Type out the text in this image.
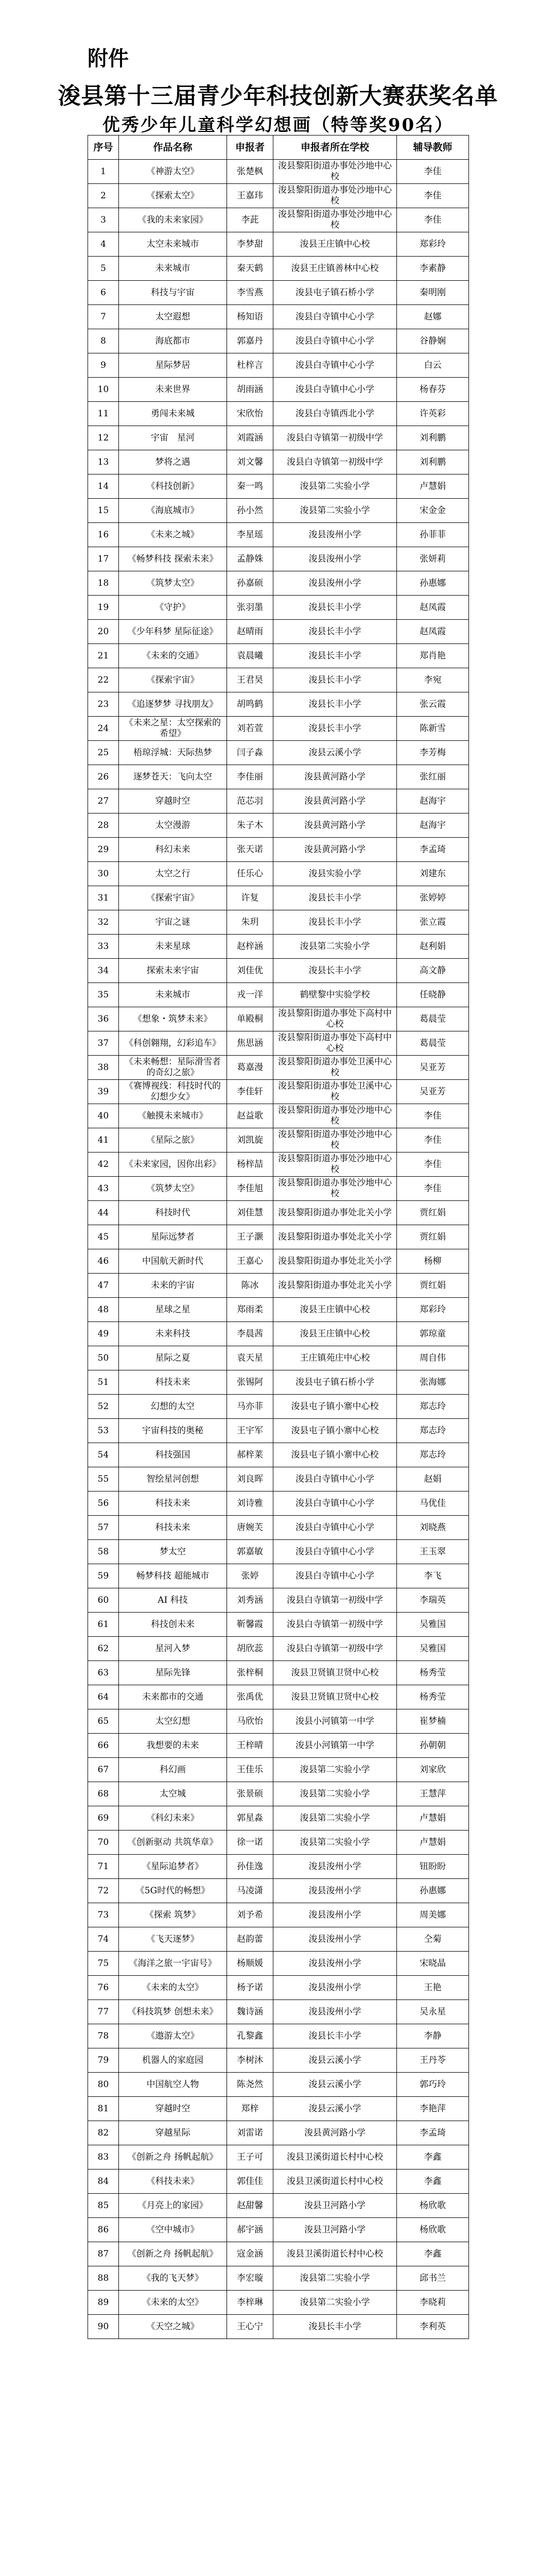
附件
浚县第十三届青少年科技创新大赛获奖名单
优秀少年儿童科学幻想画（特等奖90名）
序号	作品名称	申报者	申报者所在学校	辅导教师
1	《神游太空》	张楚枫	浚县黎阳街道办事处沙地中心校	李佳
2	《探索太空》	王嘉玮	浚县黎阳街道办事处沙地中心校	李佳
3	《我的未来家园》	李茈	浚县黎阳街道办事处沙地中心校	李佳
4	太空未来城市	李梦甜	浚县王庄镇中心校	郑彩玲
5	未来城市	秦天鹤	浚县王庄镇善林中心校	李素静
6	科技与宇宙	李雪燕	浚县屯子镇石桥小学	秦明刚
7	太空遐想	杨知语	浚县白寺镇中心小学	赵娜
8	海底都市	郭嘉丹	浚县白寺镇中心小学	谷静娴
9	星际梦居	杜梓言	浚县白寺镇中心小学	白云
10	未来世界	胡雨涵	浚县白寺镇中心小学	杨春芬
11	勇闯未来城	宋欣怡	浚县白寺镇西北小学	许英彩
12	宇宙　星河	刘霞涵	浚县白寺镇第一初级中学	刘利鹏
13	梦将之遇	刘文馨	浚县白寺镇第一初级中学	刘利鹏
14	《科技创新》	秦一鸣	浚县第二实验小学	卢慧娟
15	《海底城市》	孙小然	浚县第二实验小学	宋金金
16	《未来之城》	李星瑶	浚县浚州小学	孙菲菲
17	《畅梦科技 探索未来》	孟静姝	浚县浚州小学	张妍莉
18	《筑梦太空》	孙嘉硕	浚县浚州小学	孙惠娜
19	《守护》	张羽墨	浚县长丰小学	赵凤霞
20	《少年科梦 星际征途》	赵晴雨	浚县长丰小学	赵凤霞
21	《未来的交通》	袁晨曦	浚县长丰小学	郑肖艳
22	《探索宇宙》	王君昊	浚县长丰小学	李宛
23	《追逐梦梦 寻找朋友》	胡鸣鹤	浚县长丰小学	张云霞
24	《未来之星：太空探索的希望》	刘若萱	浚县长丰小学	陈新雪
25	梧琼浮城：天际热梦	闫子淼	浚县云溪小学	李芳梅
26	逐梦苍天：飞向太空	李佳丽	浚县黄河路小学	张红丽
27	穿越时空	范芯羽	浚县黄河路小学	赵海宇
28	太空漫游	朱子木	浚县黄河路小学	赵海宇
29	科幻未来	张天诺	浚县黄河路小学	李孟琦
30	太空之行	任乐心	浚县实验小学	刘建东
31	《探索宇宙》	许复	浚县长丰小学	张婷婷
32	宇宙之谜	朱玥	浚县长丰小学	张立霞
33	未来星球	赵梓涵	浚县第二实验小学	赵利娟
34	探索未来宇宙	刘佳优	浚县长丰小学	高文静
35	未来城市	戎一洋	鹤壁黎中实验学校	任晓静
36	《想象・筑梦未来》	单殿桐	浚县黎阳街道办事处下高村中心校	葛晨莹
37	《科创翱翔，幻彩追车》	焦思涵	浚县黎阳街道办事处下高村中心校	葛晨莹
38	《未来畅想：星际滑雪者的奇幻之旅》	葛嘉漫	浚县黎阳街道办事处卫溪中心校	吴亚芳
39	《赛博视线：科技时代的幻想少女》	李佳轩	浚县黎阳街道办事处卫溪中心校	吴亚芳
40	《触摸未来城市》	赵益歌	浚县黎阳街道办事处沙地中心校	李佳
41	《星际之旅》	刘凯旋	浚县黎阳街道办事处沙地中心校	李佳
42	《未来家园，因你出彩》	杨梓喆	浚县黎阳街道办事处沙地中心校	李佳
43	《筑梦太空》	李佳旭	浚县黎阳街道办事处沙地中心校	李佳
44	科技时代	刘佳慧	浚县黎阳街道办事处北关小学	贾红娟
45	星际远梦者	王子灏	浚县黎阳街道办事处北关小学	贾红娟
46	中国航天新时代	王嘉心	浚县黎阳街道办事处北关小学	杨柳
47	未来的宇宙	陈冰	浚县黎阳街道办事处北关小学	贾红娟
48	星球之星	郑雨柔	浚县王庄镇中心校	郑彩玲
49	未来科技	李晨茜	浚县王庄镇中心校	郭琼童
50	星际之夏	袁天星	王庄镇苑庄中心校	周自伟
51	科技未来	张锡阿	浚县屯子镇石桥小学	张海娜
52	幻想的太空	马亦菲	浚县屯子镇小寨中心校	郑志玲
53	宇宙科技的奥秘	王宇军	浚县屯子镇小寨中心校	郑志玲
54	科技强国	郝梓莱	浚县屯子镇小寨中心校	郑志玲
55	智绘星河创想	刘良晖	浚县白寺镇中心小学	赵娟
56	科技未来	刘诗雅	浚县白寺镇中心小学	马优佳
57	科技未来	唐婉芙	浚县白寺镇中心小学	刘晓燕
58	梦太空	郭嘉敏	浚县白寺镇中心小学	王玉翠
59	畅梦科技 超能城市	张婷	浚县白寺镇中心小学	李飞
60	AI 科技	刘秀涵	浚县白寺镇第一初级中学	李瑞英
61	科技创未来	靳馨霞	浚县白寺镇第一初级中学	吴雅国
62	星河入梦	胡欣蕊	浚县白寺镇第一初级中学	吴雅国
63	星际先锋	张梓桐	浚县卫贤镇卫贤中心校	杨秀莹
64	未来都市的交通	张禹优	浚县卫贤镇卫贤中心校	杨秀莹
65	太空幻想	马欣怡	浚县小河镇第一中学	崔梦楠
66	我想要的未来	王梓晴	浚县小河镇第一中学	孙朝朝
67	科幻画	王佳乐	浚县第二实验小学	刘家欣
68	太空城	张景硕	浚县第二实验小学	王慧萍
69	《科幻未来》	郭星淼	浚县第二实验小学	卢慧娟
70	《创新驱动 共筑华章》	徐一诺	浚县第二实验小学	卢慧娟
71	《星际追梦者》	孙佳逸	浚县浚州小学	钮盼盼
72	《5G时代的畅想》	马凌潇	浚县浚州小学	孙惠娜
73	《探索 筑梦》	刘予希	浚县浚州小学	周美娜
74	《飞天逐梦》	赵韵蕾	浚县浚州小学	仝菊
75	《海洋之旅一宇宙号》	杨顺媛	浚县浚州小学	宋晓晶
76	《未来的太空》	杨予诺	浚县浚州小学	王艳
77	《科技筑梦 创想未来》	魏诗涵	浚县浚州小学	吴永星
78	《遨游太空》	孔黎鑫	浚县长丰小学	李静
79	机器人的家庭园	李树沐	浚县云溪小学	王丹苓
80	中国航空人物	陈尧然	浚县云溪小学	郭巧玲
81	穿越时空	郑梓	浚县云溪小学	李艳萍
82	穿越星际	刘雷诺	浚县黄河路小学	李孟琦
83	《创新之舟 扬帆起航》	王子可	浚县卫溪街道长村中心校	李鑫
84	《科技未来》	郭佳佳	浚县卫溪街道长村中心校	李鑫
85	《月亮上的家园》	赵甜馨	浚县卫河路小学	杨欣歌
86	《空中城市》	郝宇涵	浚县卫河路小学	杨欣歌
87	《创新之舟 扬帆起航》	寇金涵	浚县卫溪街道长村中心校	李鑫
88	《我的飞天梦》	李宏璇	浚县第二实验小学	邱书兰
89	《未来的太空》	李梓琳	浚县第二实验小学	李晓莉
90	《天空之城》	王心宁	浚县长丰小学	李利英
